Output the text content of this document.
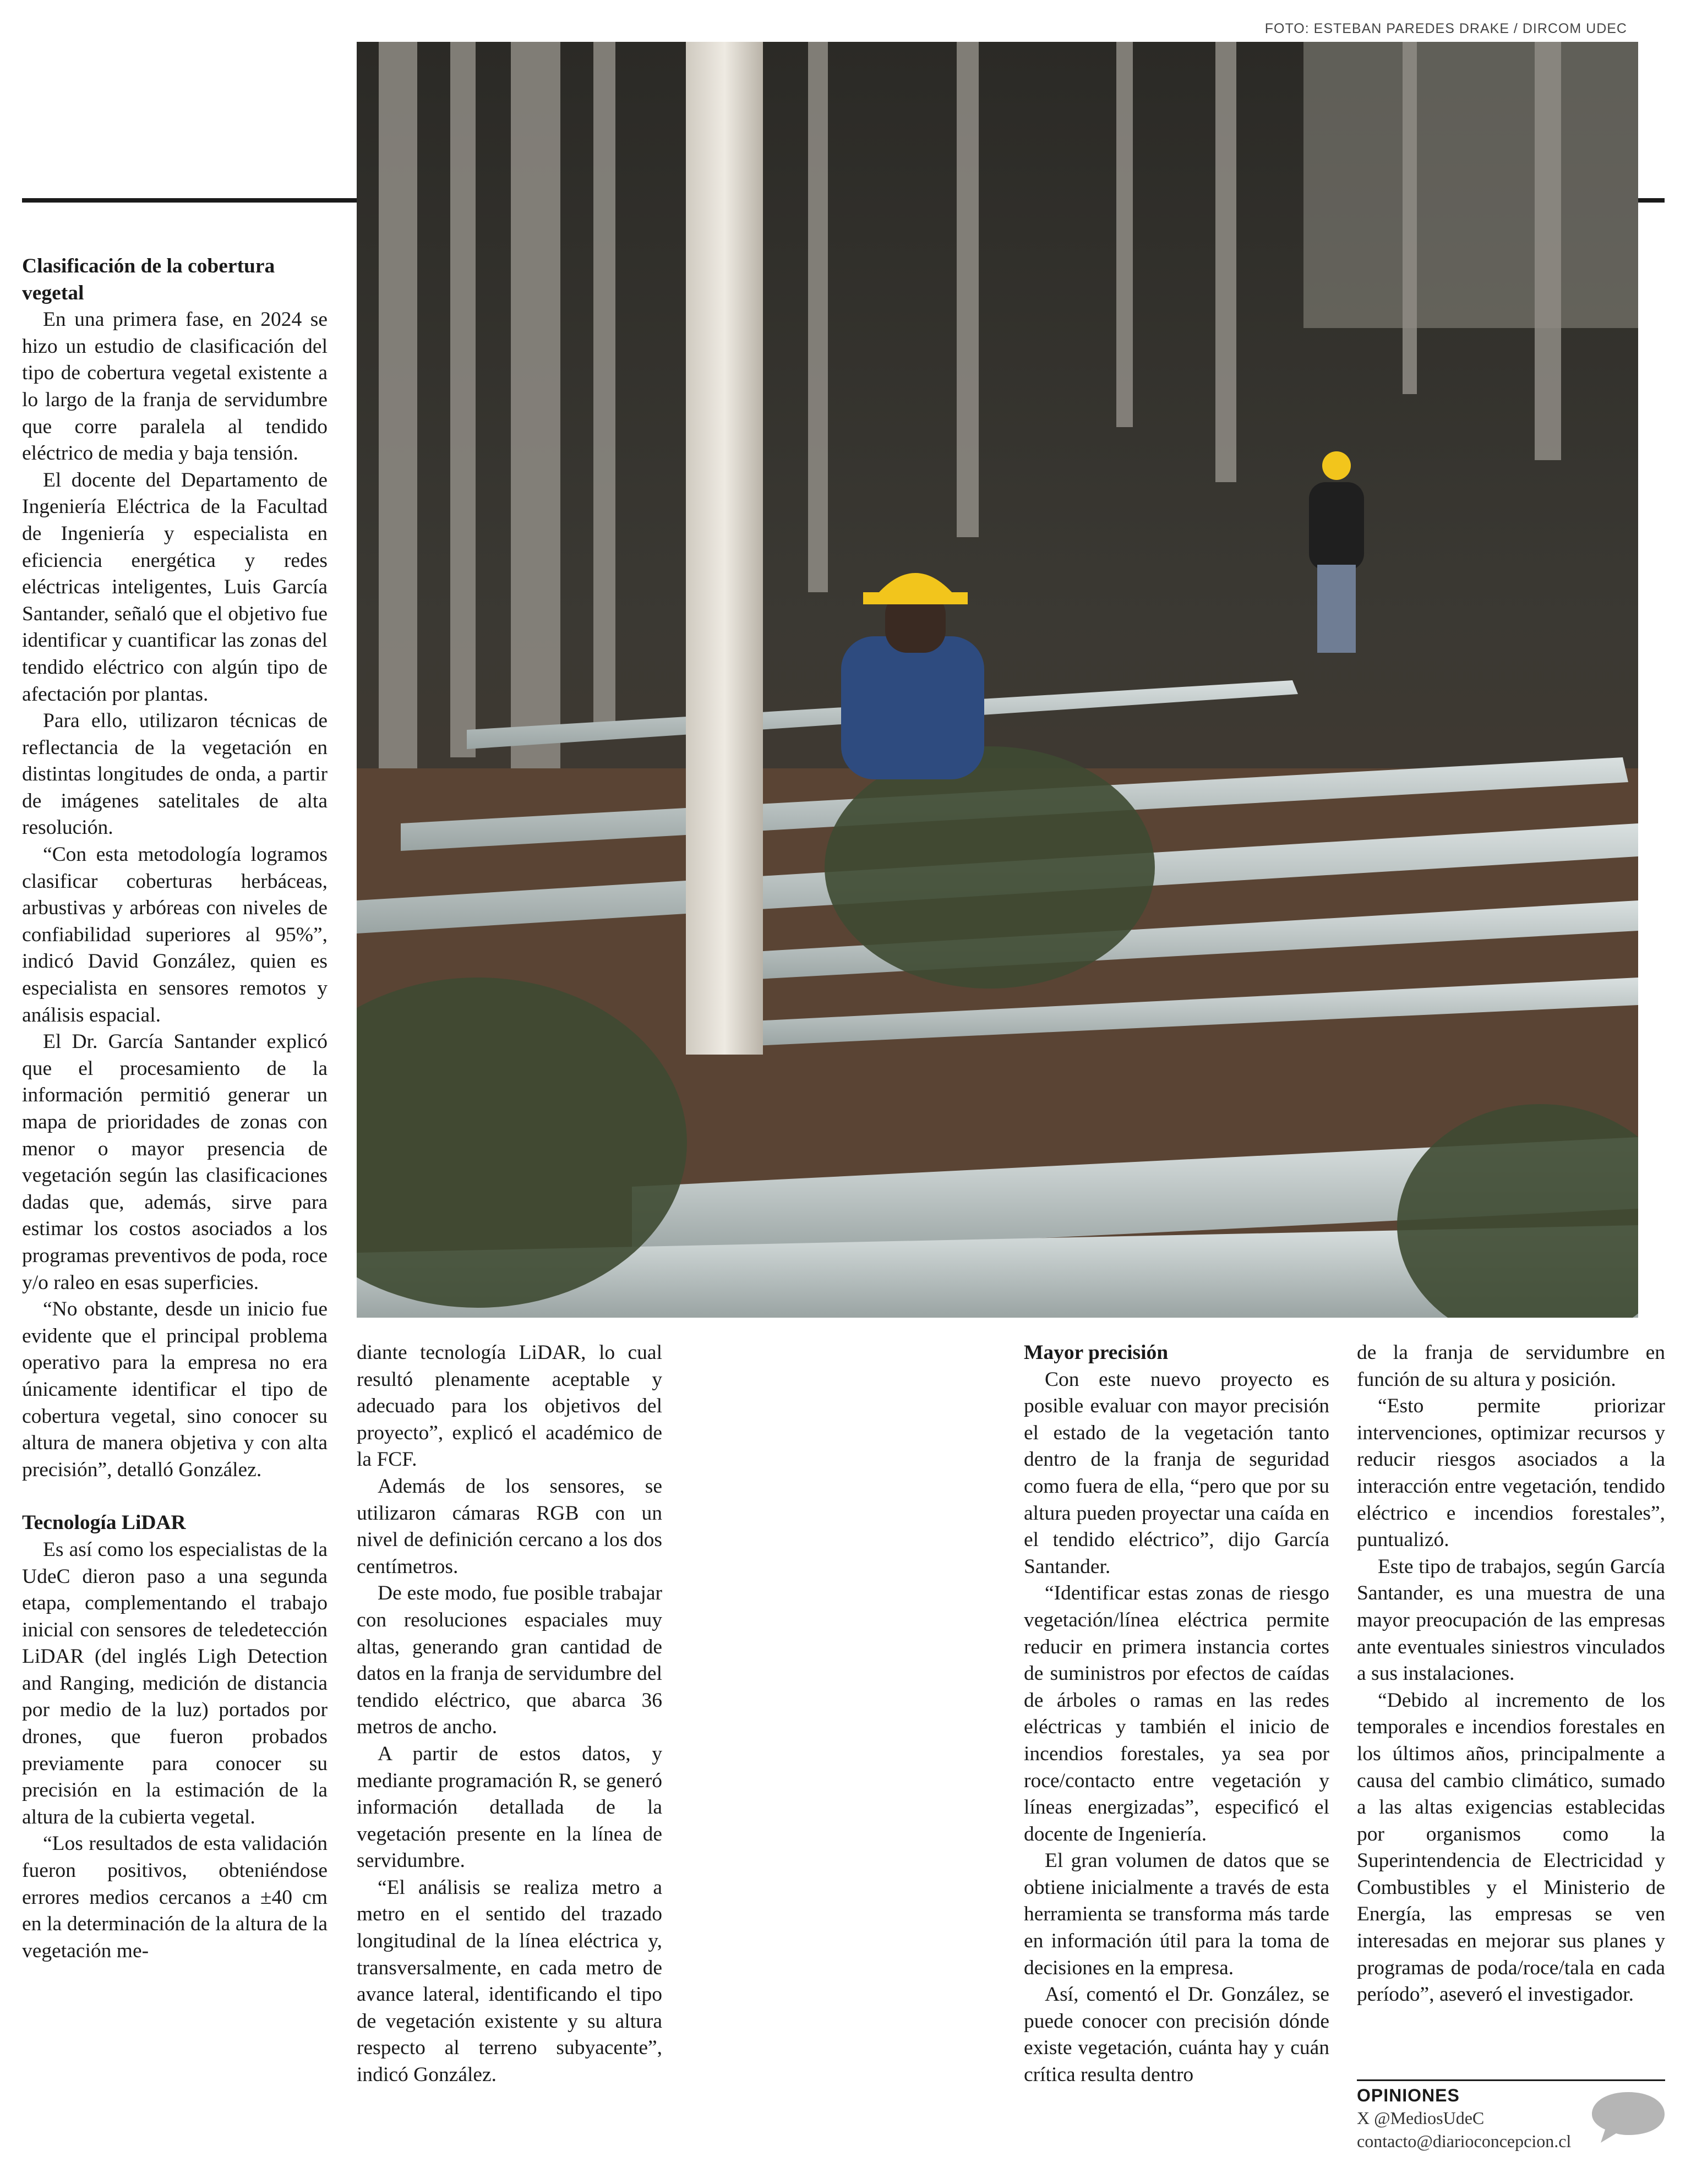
FOTO: ESTEBAN PAREDES DRAKE / DIRCOM UDEC
Clasificación de la cobertura vegetal

En una primera fase, en 2024 se hizo un estudio de clasificación del tipo de cobertura vegetal existente a lo largo de la franja de servidumbre que corre paralela al tendido eléctrico de media y baja tensión.

El docente del Departamento de Ingeniería Eléctrica de la Facultad de Ingeniería y especialista en eficiencia energética y redes eléctricas inteligentes, Luis García Santander, señaló que el objetivo fue identificar y cuantificar las zonas del tendido eléctrico con algún tipo de afectación por plantas.

Para ello, utilizaron técnicas de reflectancia de la vegetación en distintas longitudes de onda, a partir de imágenes satelitales de alta resolución.

“Con esta metodología logramos clasificar coberturas herbáceas, arbustivas y arbóreas con niveles de confiabilidad superiores al 95%”, indicó David González, quien es especialista en sensores remotos y análisis espacial.

El Dr. García Santander explicó que el procesamiento de la información permitió generar un mapa de prioridades de zonas con menor o mayor presencia de vegetación según las clasificaciones dadas que, además, sirve para estimar los costos asociados a los programas preventivos de poda, roce y/o raleo en esas superficies.

“No obstante, desde un inicio fue evidente que el principal problema operativo para la empresa no era únicamente identificar el tipo de cobertura vegetal, sino conocer su altura de manera objetiva y con alta precisión”, detalló González.

Tecnología LiDAR

Es así como los especialistas de la UdeC dieron paso a una segunda etapa, complementando el trabajo inicial con sensores de teledetección LiDAR (del inglés Ligh Detection and Ranging, medición de distancia por medio de la luz) portados por drones, que fueron probados previamente para conocer su precisión en la estimación de la altura de la cubierta vegetal.

“Los resultados de esta validación fueron positivos, obteniéndose errores medios cercanos a ±40 cm en la determinación de la altura de la vegetación me-

diante tecnología LiDAR, lo cual resultó plenamente aceptable y adecuado para los objetivos del proyecto”, explicó el académico de la FCF.

Además de los sensores, se utilizaron cámaras RGB con un nivel de definición cercano a los dos centímetros.

De este modo, fue posible trabajar con resoluciones espaciales muy altas, generando gran cantidad de datos en la franja de servidumbre del tendido eléctrico, que abarca 36 metros de ancho.

A partir de estos datos, y mediante programación R, se generó información detallada de la vegetación presente en la línea de servidumbre.

“El análisis se realiza metro a metro en el sentido del trazado longitudinal de la línea eléctrica y, transversalmente, en cada metro de avance lateral, identificando el tipo de vegetación existente y su altura respecto al terreno subyacente”, indicó González.

Mayor precisión

Con este nuevo proyecto es posible evaluar con mayor precisión el estado de la vegetación tanto dentro de la franja de seguridad como fuera de ella, “pero que por su altura pueden proyectar una caída en el tendido eléctrico”, dijo García Santander.

“Identificar estas zonas de riesgo vegetación/línea eléctrica permite reducir en primera instancia cortes de suministros por efectos de caídas de árboles o ramas en las redes eléctricas y también el inicio de incendios forestales, ya sea por roce/contacto entre vegetación y líneas energizadas”, especificó el docente de Ingeniería.

El gran volumen de datos que se obtiene inicialmente a través de esta herramienta se transforma más tarde en información útil para la toma de decisiones en la empresa.

Así, comentó el Dr. González, se puede conocer con precisión dónde existe vegetación, cuánta hay y cuán crítica resulta dentro

de la franja de servidumbre en función de su altura y posición.

“Esto permite priorizar intervenciones, optimizar recursos y reducir riesgos asociados a la interacción entre vegetación, tendido eléctrico e incendios forestales”, puntualizó.

Este tipo de trabajos, según García Santander, es una muestra de una mayor preocupación de las empresas ante eventuales siniestros vinculados a sus instalaciones.

“Debido al incremento de los temporales e incendios forestales en los últimos años, principalmente a causa del cambio climático, sumado a las altas exigencias establecidas por organismos como la Superintendencia de Electricidad y Combustibles y el Ministerio de Energía, las empresas se ven interesadas en mejorar sus planes y programas de poda/roce/tala en cada período”, aseveró el investigador.

OPINIONES
X @MediosUdeC
contacto@diarioconcepcion.cl
